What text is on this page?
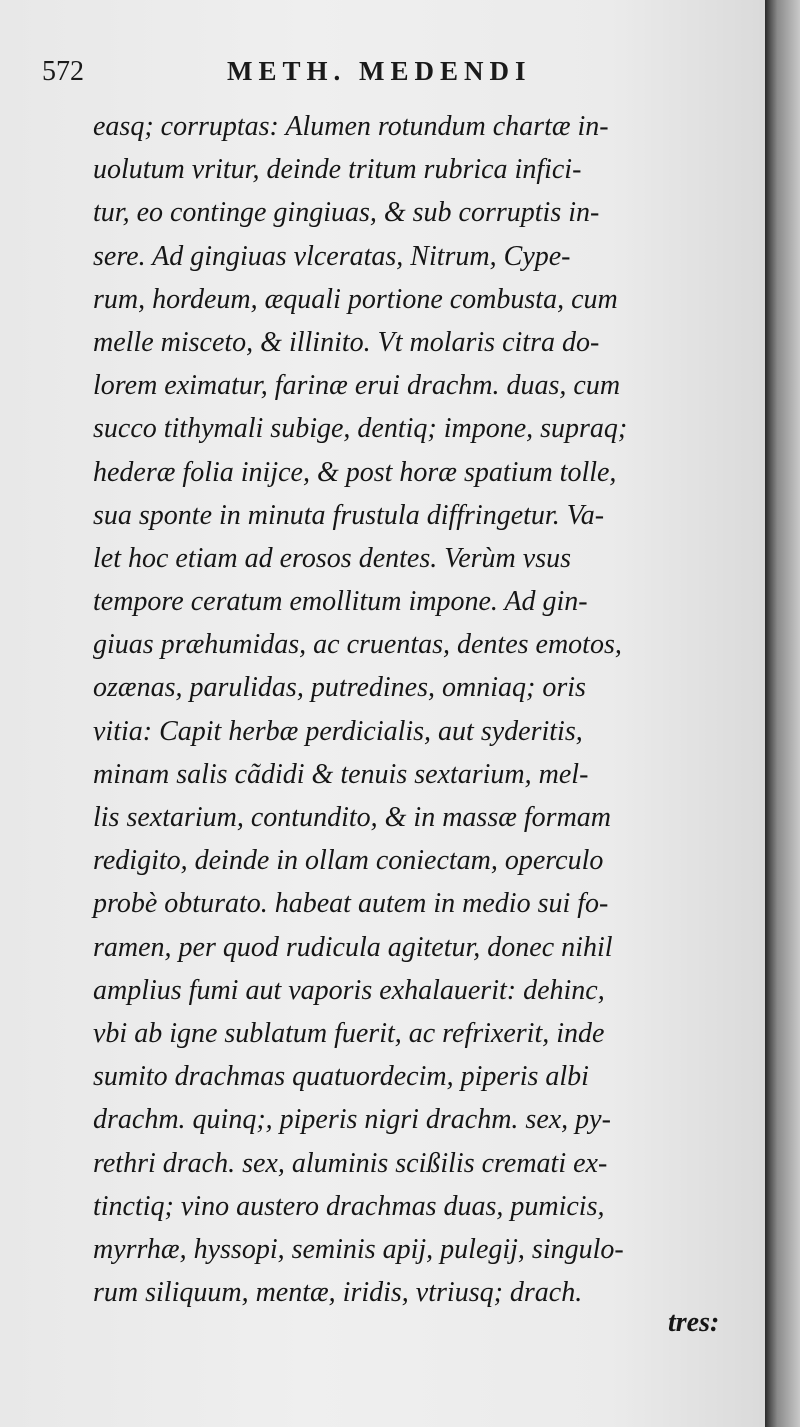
572	METH. MEDENDI
easq; corruptas: Alumen rotundum chartæ in-
uolutum vritur, deinde tritum rubrica infici-
tur, eo continge gingiuas, & sub corruptis in-
sere. Ad gingiuas vlceratas, Nitrum, Cype-
rum, hordeum, æquali portione combusta, cum
melle misceto, & illinito. Vt molaris citra do-
lorem eximatur, farinæ erui drachm. duas, cum
succo tithymali subige, dentiq; impone, supraq;
hederæ folia inijce, & post horæ spatium tolle,
sua sponte in minuta frustula diffringetur. Va-
let hoc etiam ad erosos dentes. Verùm vsus
tempore ceratum emollitum impone. Ad gin-
giuas præhumidas, ac cruentas, dentes emotos,
ozænas, parulidas, putredines, omniaq; oris
vitia: Capit herbæ perdicialis, aut syderitis,
minam salis cãdidi & tenuis sextarium, mel-
lis sextarium, contundito, & in massæ formam
redigito, deinde in ollam coniectam, operculo
probè obturato. habeat autem in medio sui fo-
ramen, per quod rudicula agitetur, donec nihil
amplius fumi aut vaporis exhalauerit: dehinc,
vbi ab igne sublatum fuerit, ac refrixerit, inde
sumito drachmas quatuordecim, piperis albi
drachm. quinq;, piperis nigri drachm. sex, py-
rethri drach. sex, aluminis scißilis cremati ex-
tinctiq; vino austero drachmas duas, pumicis,
myrrhæ, hyssopi, seminis apij, pulegij, singulo-
rum siliquum, mentæ, iridis, vtriusq; drach.
tres:
